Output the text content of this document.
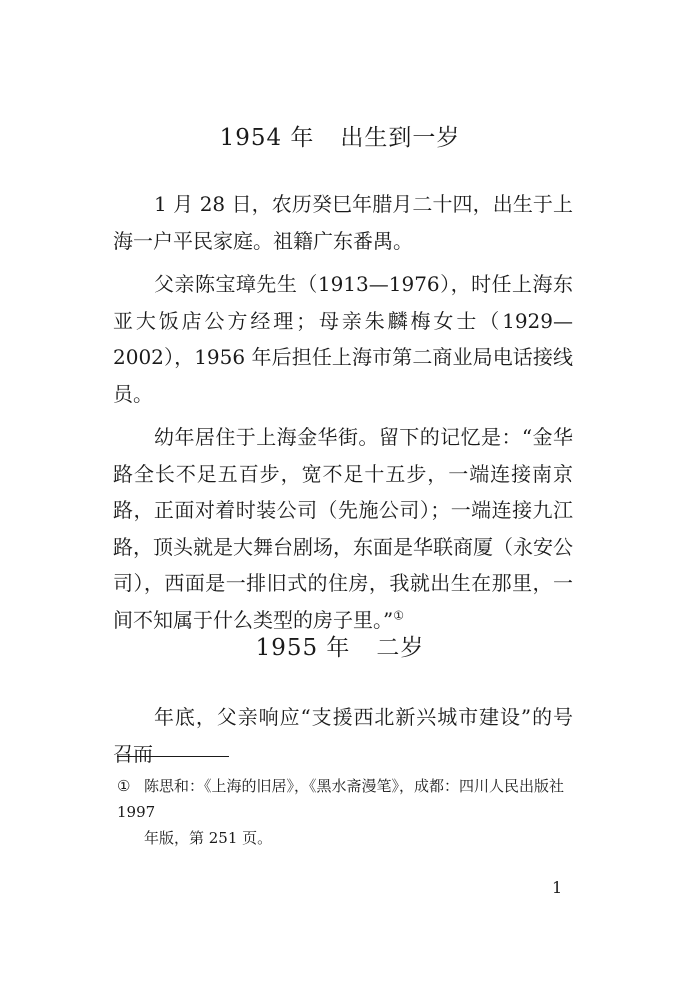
1954 年 出生到一岁

1 月 28 日，农历癸巳年腊月二十四，出生于上海一户平民家庭。祖籍广东番禺。

父亲陈宝璋先生（1913—1976），时任上海东亚大饭店公方经理；母亲朱麟梅女士（1929—2002），1956 年后担任上海市第二商业局电话接线员。

幼年居住于上海金华街。留下的记忆是：“金华路全长不足五百步，宽不足十五步，一端连接南京路，正面对着时装公司（先施公司）；一端连接九江路，顶头就是大舞台剧场，东面是华联商厦（永安公司），西面是一排旧式的住房，我就出生在那里，一间不知属于什么类型的房子里。”①

1955 年 二岁

年底，父亲响应“支援西北新兴城市建设”的号召而

① 陈思和：《上海的旧居》，《黑水斋漫笔》，成都：四川人民出版社 1997
年版，第 251 页。
1
